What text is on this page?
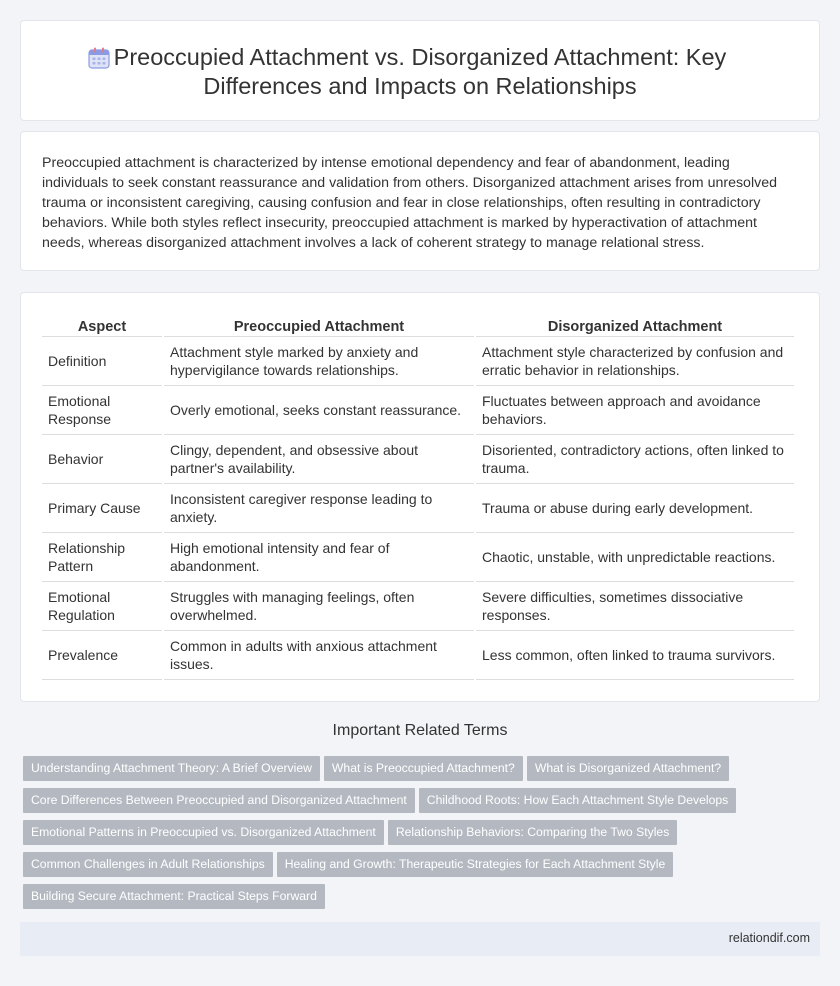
Preoccupied Attachment vs. Disorganized Attachment: Key Differences and Impacts on Relationships

Preoccupied attachment is characterized by intense emotional dependency and fear of abandonment, leading individuals to seek constant reassurance and validation from others. Disorganized attachment arises from unresolved trauma or inconsistent caregiving, causing confusion and fear in close relationships, often resulting in contradictory behaviors. While both styles reflect insecurity, preoccupied attachment is marked by hyperactivation of attachment needs, whereas disorganized attachment involves a lack of coherent strategy to manage relational stress.

Aspect	Preoccupied Attachment	Disorganized Attachment
Definition	Attachment style marked by anxiety and hypervigilance towards relationships.	Attachment style characterized by confusion and erratic behavior in relationships.
Emotional Response	Overly emotional, seeks constant reassurance.	Fluctuates between approach and avoidance behaviors.
Behavior	Clingy, dependent, and obsessive about partner's availability.	Disoriented, contradictory actions, often linked to trauma.
Primary Cause	Inconsistent caregiver response leading to anxiety.	Trauma or abuse during early development.
Relationship Pattern	High emotional intensity and fear of abandonment.	Chaotic, unstable, with unpredictable reactions.
Emotional Regulation	Struggles with managing feelings, often overwhelmed.	Severe difficulties, sometimes dissociative responses.
Prevalence	Common in adults with anxious attachment issues.	Less common, often linked to trauma survivors.
Important Related Terms
Understanding Attachment Theory: A Brief Overview What is Preoccupied Attachment? What is Disorganized Attachment?
Core Differences Between Preoccupied and Disorganized Attachment Childhood Roots: How Each Attachment Style Develops
Emotional Patterns in Preoccupied vs. Disorganized Attachment Relationship Behaviors: Comparing the Two Styles
Common Challenges in Adult Relationships Healing and Growth: Therapeutic Strategies for Each Attachment Style
Building Secure Attachment: Practical Steps Forward
relationdif.com
